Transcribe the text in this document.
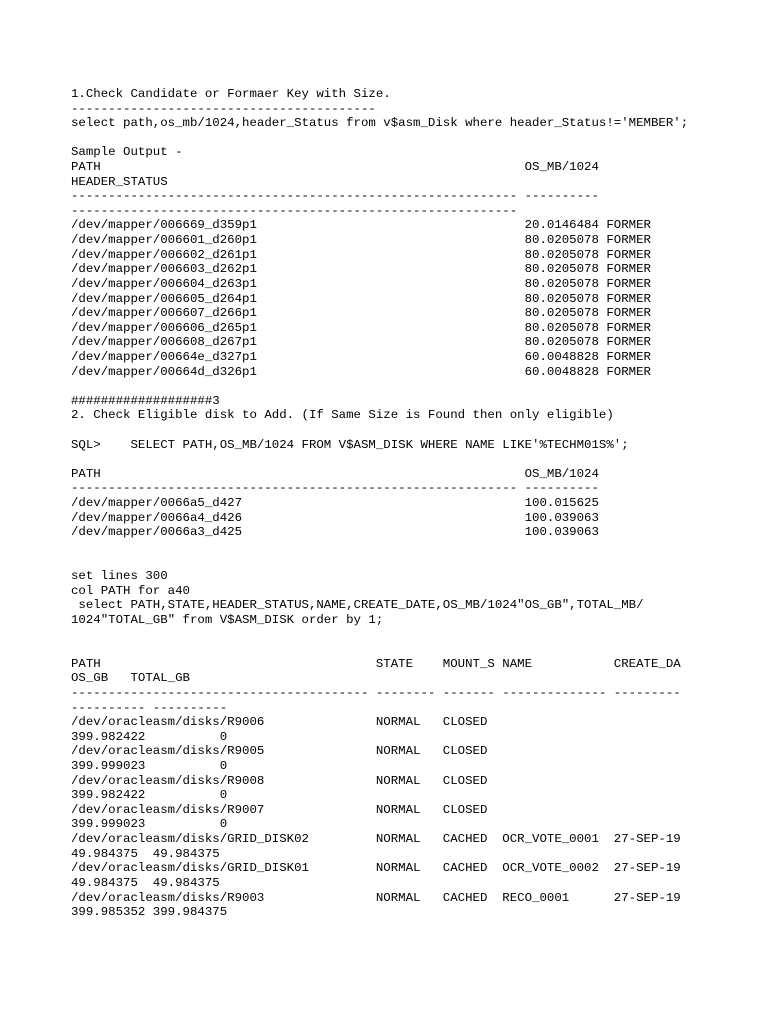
1.Check Candidate or Formaer Key with Size.
-----------------------------------------
select path,os_mb/1024,header_Status from v$asm_Disk where header_Status!='MEMBER';
Sample Output -
PATH                                                         OS_MB/1024
HEADER_STATUS
------------------------------------------------------------ ----------
------------------------------------------------------------
/dev/mapper/006669_d359p1                                    20.0146484 FORMER
/dev/mapper/006601_d260p1                                    80.0205078 FORMER
/dev/mapper/006602_d261p1                                    80.0205078 FORMER
/dev/mapper/006603_d262p1                                    80.0205078 FORMER
/dev/mapper/006604_d263p1                                    80.0205078 FORMER
/dev/mapper/006605_d264p1                                    80.0205078 FORMER
/dev/mapper/006607_d266p1                                    80.0205078 FORMER
/dev/mapper/006606_d265p1                                    80.0205078 FORMER
/dev/mapper/006608_d267p1                                    80.0205078 FORMER
/dev/mapper/00664e_d327p1                                    60.0048828 FORMER
/dev/mapper/00664d_d326p1                                    60.0048828 FORMER
###################3
2. Check Eligible disk to Add. (If Same Size is Found then only eligible)
SQL>    SELECT PATH,OS_MB/1024 FROM V$ASM_DISK WHERE NAME LIKE'%TECHM01S%';
PATH                                                         OS_MB/1024
------------------------------------------------------------ ----------
/dev/mapper/0066a5_d427                                      100.015625
/dev/mapper/0066a4_d426                                      100.039063
/dev/mapper/0066a3_d425                                      100.039063
set lines 300
col PATH for a40
select PATH,STATE,HEADER_STATUS,NAME,CREATE_DATE,OS_MB/1024"OS_GB",TOTAL_MB/
1024"TOTAL_GB" from V$ASM_DISK order by 1;
PATH                                     STATE    MOUNT_S NAME           CREATE_DA
OS_GB   TOTAL_GB
---------------------------------------- -------- ------- -------------- ---------
---------- ----------
/dev/oracleasm/disks/R9006               NORMAL   CLOSED
399.982422          0
/dev/oracleasm/disks/R9005               NORMAL   CLOSED
399.999023          0
/dev/oracleasm/disks/R9008               NORMAL   CLOSED
399.982422          0
/dev/oracleasm/disks/R9007               NORMAL   CLOSED
399.999023          0
/dev/oracleasm/disks/GRID_DISK02         NORMAL   CACHED  OCR_VOTE_0001  27-SEP-19
49.984375  49.984375
/dev/oracleasm/disks/GRID_DISK01         NORMAL   CACHED  OCR_VOTE_0002  27-SEP-19
49.984375  49.984375
/dev/oracleasm/disks/R9003               NORMAL   CACHED  RECO_0001      27-SEP-19
399.985352 399.984375
